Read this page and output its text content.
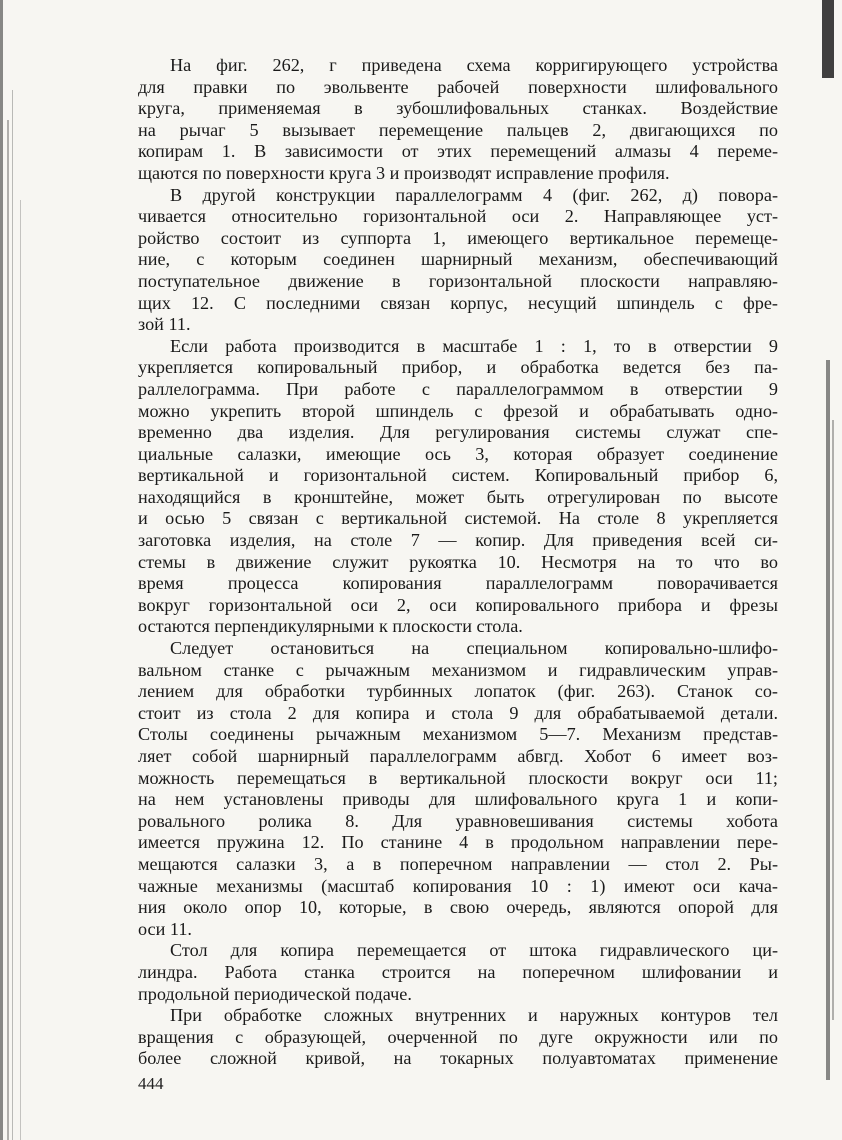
На фиг. 262, г приведена схема корригирующего устройства
для правки по эвольвенте рабочей поверхности шлифовального
круга, применяемая в зубошлифовальных станках. Воздействие
на рычаг 5 вызывает перемещение пальцев 2, двигающихся по
копирам 1. В зависимости от этих перемещений алмазы 4 переме-
щаются по поверхности круга 3 и производят исправление профиля.
В другой конструкции параллелограмм 4 (фиг. 262, д) повора-
чивается относительно горизонтальной оси 2. Направляющее уст-
ройство состоит из суппорта 1, имеющего вертикальное перемеще-
ние, с которым соединен шарнирный механизм, обеспечивающий
поступательное движение в горизонтальной плоскости направляю-
щих 12. С последними связан корпус, несущий шпиндель с фре-
зой 11.
Если работа производится в масштабе 1 : 1, то в отверстии 9
укрепляется копировальный прибор, и обработка ведется без па-
раллелограмма. При работе с параллелограммом в отверстии 9
можно укрепить второй шпиндель с фрезой и обрабатывать одно-
временно два изделия. Для регулирования системы служат спе-
циальные салазки, имеющие ось 3, которая образует соединение
вертикальной и горизонтальной систем. Копировальный прибор 6,
находящийся в кронштейне, может быть отрегулирован по высоте
и осью 5 связан с вертикальной системой. На столе 8 укрепляется
заготовка изделия, на столе 7 — копир. Для приведения всей си-
стемы в движение служит рукоятка 10. Несмотря на то что во
время процесса копирования параллелограмм поворачивается
вокруг горизонтальной оси 2, оси копировального прибора и фрезы
остаются перпендикулярными к плоскости стола.
Следует остановиться на специальном копировально-шлифо-
вальном станке с рычажным механизмом и гидравлическим управ-
лением для обработки турбинных лопаток (фиг. 263). Станок со-
стоит из стола 2 для копира и стола 9 для обрабатываемой детали.
Столы соединены рычажным механизмом 5—7. Механизм представ-
ляет собой шарнирный параллелограмм абвгд. Хобот 6 имеет воз-
можность перемещаться в вертикальной плоскости вокруг оси 11;
на нем установлены приводы для шлифовального круга 1 и копи-
ровального ролика 8. Для уравновешивания системы хобота
имеется пружина 12. По станине 4 в продольном направлении пере-
мещаются салазки 3, а в поперечном направлении — стол 2. Ры-
чажные механизмы (масштаб копирования 10 : 1) имеют оси кача-
ния около опор 10, которые, в свою очередь, являются опорой для
оси 11.
Стол для копира перемещается от штока гидравлического ци-
линдра. Работа станка строится на поперечном шлифовании и
продольной периодической подаче.
При обработке сложных внутренних и наружных контуров тел
вращения с образующей, очерченной по дуге окружности или по
более сложной кривой, на токарных полуавтоматах применение
444
